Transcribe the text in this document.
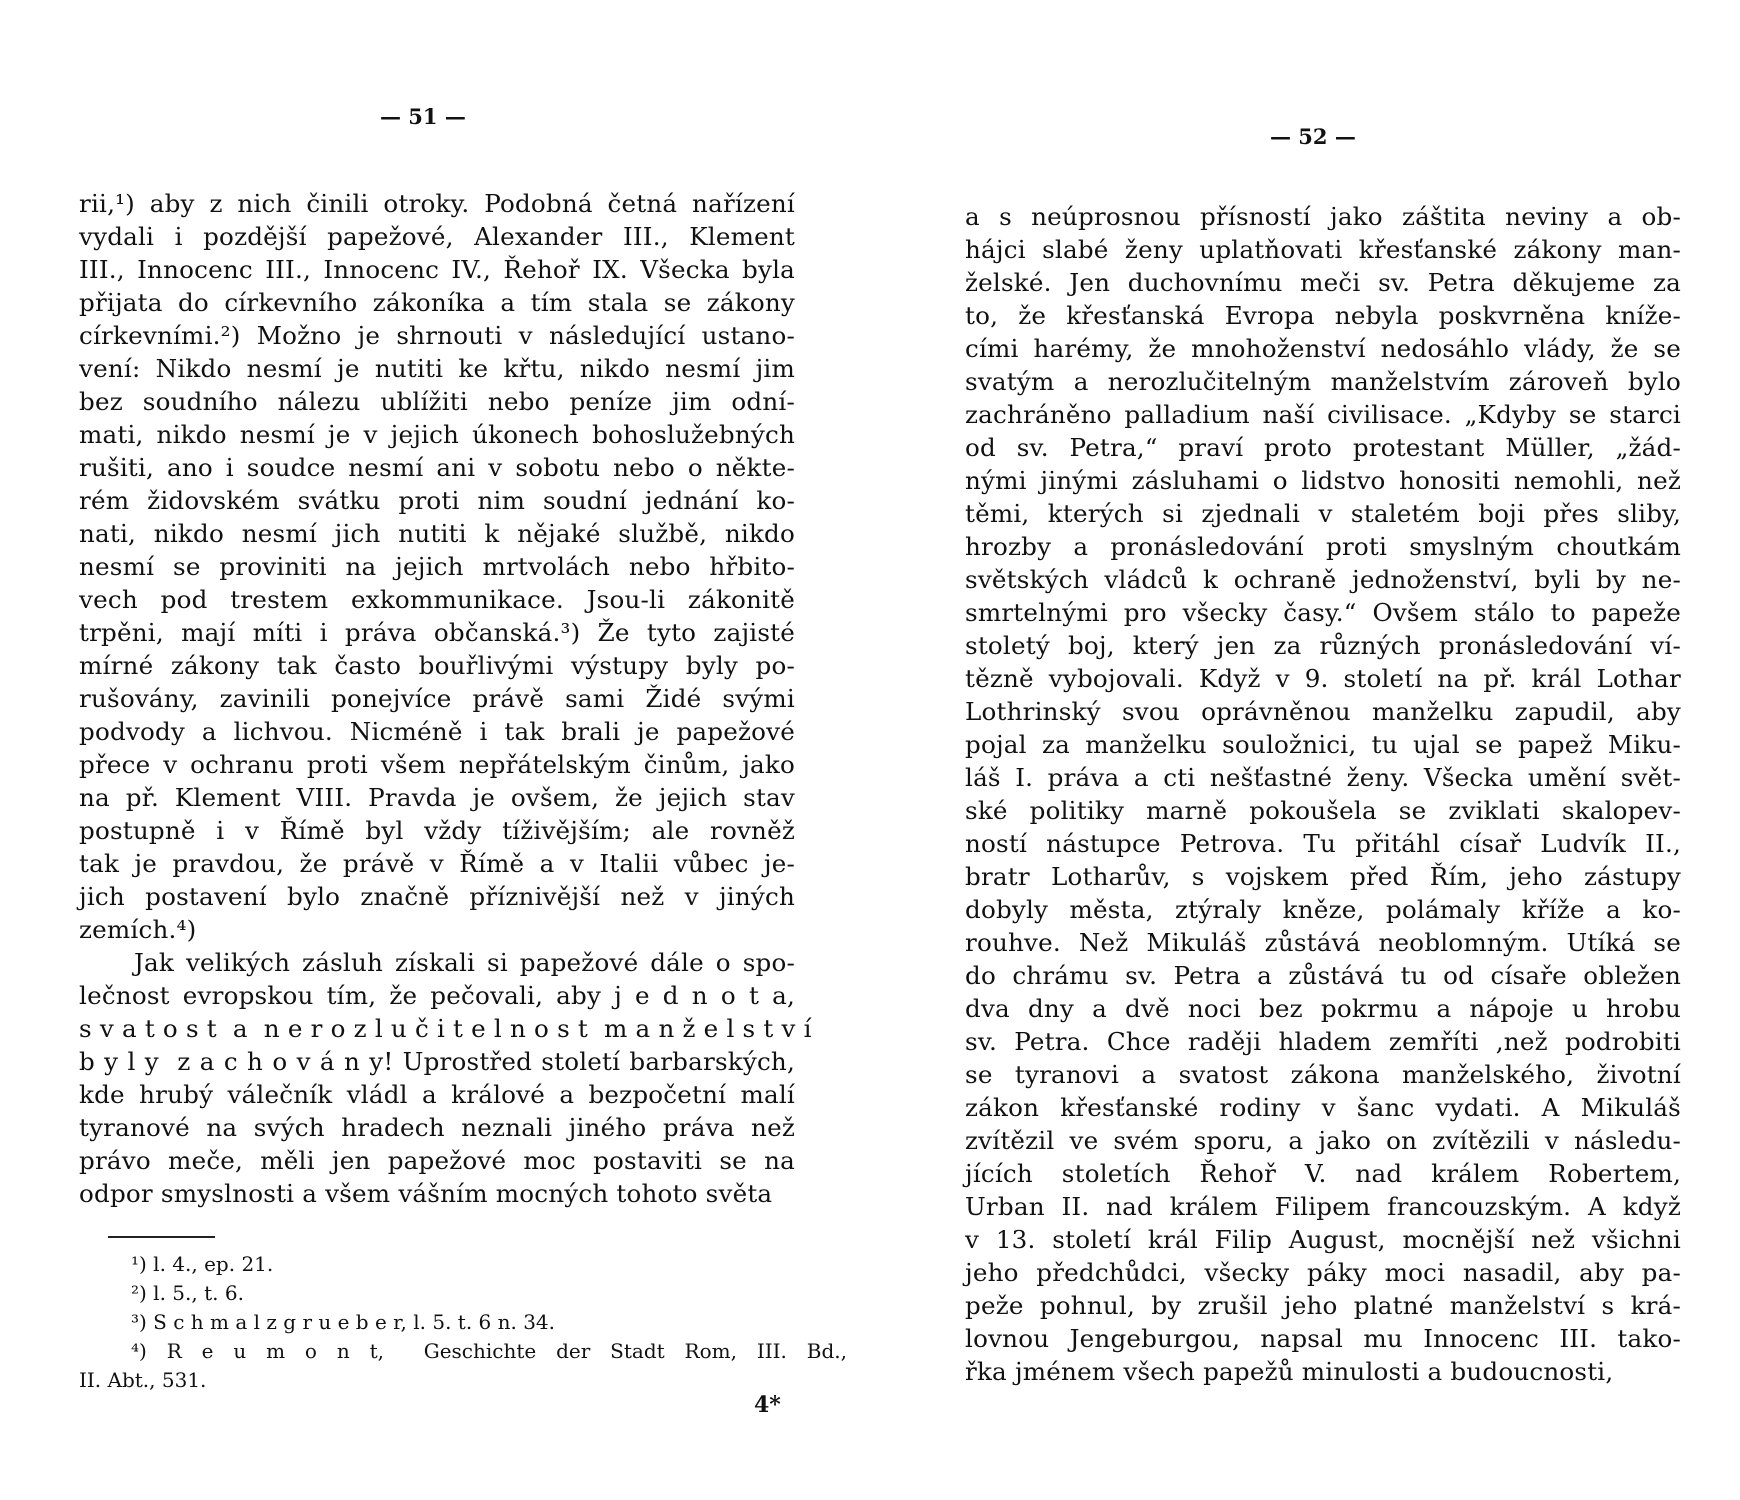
— 51 —
rii,¹) aby z nich činili otroky. Podobná četná nařízení
vydali i pozdější papežové, Alexander III., Klement
III., Innocenc III., Innocenc IV., Řehoř IX. Všecka byla
přijata do církevního zákoníka a tím stala se zákony
církevními.²) Možno je shrnouti v následující ustano-
vení: Nikdo nesmí je nutiti ke křtu, nikdo nesmí jim
bez soudního nálezu ublížiti nebo peníze jim odní-
mati, nikdo nesmí je v jejich úkonech bohoslužebných
rušiti, ano i soudce nesmí ani v sobotu nebo o někte-
rém židovském svátku proti nim soudní jednání ko-
nati, nikdo nesmí jich nutiti k nějaké službě, nikdo
nesmí se proviniti na jejich mrtvolách nebo hřbito-
vech pod trestem exkommunikace. Jsou-li zákonitě
trpěni, mají míti i práva občanská.³) Že tyto zajisté
mírné zákony tak často bouřlivými výstupy byly po-
rušovány, zavinili ponejvíce právě sami Židé svými
podvody a lichvou. Nicméně i tak brali je papežové
přece v ochranu proti všem nepřátelským činům, jako
na př. Klement VIII. Pravda je ovšem, že jejich stav
postupně i v Římě byl vždy tíživějším; ale rovněž
tak je pravdou, že právě v Římě a v Italii vůbec je-
jich postavení bylo značně příznivější než v jiných
zemích.⁴)
Jak velikých zásluh získali si papežové dále o spo-
lečnost evropskou tím, že pečovali, aby j e d n o t a,
s v a t o s t  a  n e r o z l u č i t e l n o s t  m a n ž e l s t v í
b y l y  z a c h o v á n y! Uprostřed století barbarských,
kde hrubý válečník vládl a králové a bezpočetní malí
tyranové na svých hradech neznali jiného práva než
právo meče, měli jen papežové moc postaviti se na
odpor smyslnosti a všem vášním mocných tohoto světa
¹) l. 4., ep. 21.
²) l. 5., t. 6.
³) S c h m a l z g r u e b e r, l. 5. t. 6 n. 34.
⁴) R e u m o n t,  Geschichte der Stadt Rom, III. Bd.,
II. Abt., 531.
4*
— 52 —
a s neúprosnou přísností jako záštita neviny a ob-
hájci slabé ženy uplatňovati křesťanské zákony man-
želské. Jen duchovnímu meči sv. Petra děkujeme za
to, že křesťanská Evropa nebyla poskvrněna kníže-
cími harémy, že mnohoženství nedosáhlo vlády, že se
svatým a nerozlučitelným manželstvím zároveň bylo
zachráněno palladium naší civilisace. „Kdyby se starci
od sv. Petra,“ praví proto protestant Müller, „žád-
nými jinými zásluhami o lidstvo honositi nemohli, než
těmi, kterých si zjednali v staletém boji přes sliby,
hrozby a pronásledování proti smyslným choutkám
světských vládců k ochraně jednoženství, byli by ne-
smrtelnými pro všecky časy.“ Ovšem stálo to papeže
stoletý boj, který jen za různých pronásledování ví-
tězně vybojovali. Když v 9. století na př. král Lothar
Lothrinský svou oprávněnou manželku zapudil, aby
pojal za manželku souložnici, tu ujal se papež Miku-
láš I. práva a cti nešťastné ženy. Všecka umění svět-
ské politiky marně pokoušela se zviklati skalopev-
ností nástupce Petrova. Tu přitáhl císař Ludvík II.,
bratr Lotharův, s vojskem před Řím, jeho zástupy
dobyly města, ztýraly kněze, polámaly kříže a ko-
rouhve. Než Mikuláš zůstává neoblomným. Utíká se
do chrámu sv. Petra a zůstává tu od císaře obležen
dva dny a dvě noci bez pokrmu a nápoje u hrobu
sv. Petra. Chce raději hladem zemříti ,než podrobiti
se tyranovi a svatost zákona manželského, životní
zákon křesťanské rodiny v šanc vydati. A Mikuláš
zvítězil ve svém sporu, a jako on zvítězili v následu-
jících stoletích Řehoř V. nad králem Robertem,
Urban II. nad králem Filipem francouzským. A když
v 13. století král Filip August, mocnější než všichni
jeho předchůdci, všecky páky moci nasadil, aby pa-
peže pohnul, by zrušil jeho platné manželství s krá-
lovnou Jengeburgou, napsal mu Innocenc III. tako-
řka jménem všech papežů minulosti a budoucnosti,
